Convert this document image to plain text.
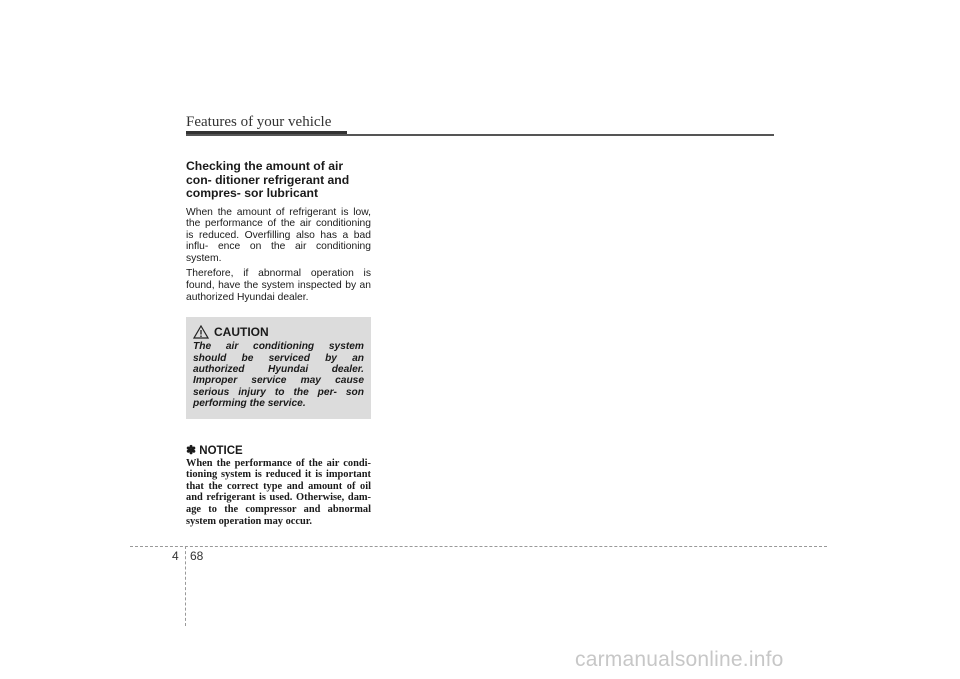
Features of your vehicle
Checking the amount of air con- ditioner refrigerant and compres- sor lubricant

When the amount of refrigerant is low, the performance of the air conditioning is reduced. Overfilling also has a bad influ- ence on the air conditioning system.

Therefore, if abnormal operation is found, have the system inspected by an authorized Hyundai dealer.

CAUTION
The air conditioning system should be serviced by an authorized Hyundai dealer. Improper service may cause serious injury to the per- son performing the service.
✽ NOTICE
When the performance of the air condi- tioning system is reduced it is important that the correct type and amount of oil and refrigerant is used. Otherwise, dam- age to the compressor and abnormal system operation may occur.
4 68
carmanualsonline.info
